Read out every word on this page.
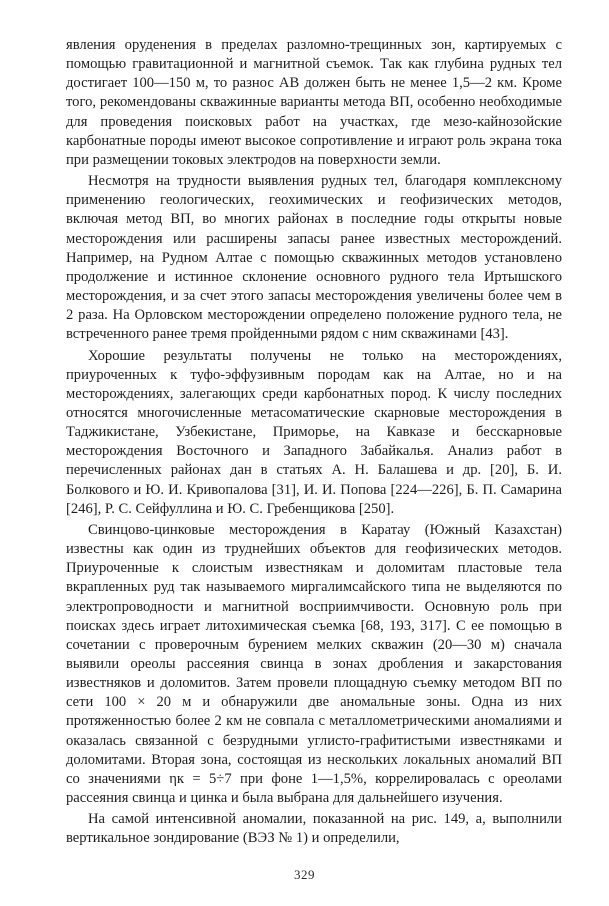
явления оруденения в пределах разломно-трещинных зон, картируемых с помощью гравитационной и магнитной съемок. Так как глубина рудных тел достигает 100—150 м, то разнос AB должен быть не менее 1,5—2 км. Кроме того, рекомендованы скважинные варианты метода ВП, особенно необходимые для проведения поисковых работ на участках, где мезо-кайнозойские карбонатные породы имеют высокое сопротивление и играют роль экрана тока при размещении токовых электродов на поверхности земли.

Несмотря на трудности выявления рудных тел, благодаря комплексному применению геологических, геохимических и геофизических методов, включая метод ВП, во многих районах в последние годы открыты новые месторождения или расширены запасы ранее известных месторождений. Например, на Рудном Алтае с помощью скважинных методов установлено продолжение и истинное склонение основного рудного тела Иртышского месторождения, и за счет этого запасы месторождения увеличены более чем в 2 раза. На Орловском месторождении определено положение рудного тела, не встреченного ранее тремя пройденными рядом с ним скважинами [43].

Хорошие результаты получены не только на месторождениях, приуроченных к туфо-эффузивным породам как на Алтае, но и на месторождениях, залегающих среди карбонатных пород. К числу последних относятся многочисленные метасоматические скарновые месторождения в Таджикистане, Узбекистане, Приморье, на Кавказе и бесскарновые месторождения Восточного и Западного Забайкалья. Анализ работ в перечисленных районах дан в статьях А. Н. Балашева и др. [20], Б. И. Болкового и Ю. И. Кривопалова [31], И. И. Попова [224—226], Б. П. Самарина [246], Р. С. Сейфуллина и Ю. С. Гребенщикова [250].

Свинцово-цинковые месторождения в Каратау (Южный Казахстан) известны как один из труднейших объектов для геофизических методов. Приуроченные к слоистым известнякам и доломитам пластовые тела вкрапленных руд так называемого миргалимсайского типа не выделяются по электропроводности и магнитной восприимчивости. Основную роль при поисках здесь играет литохимическая съемка [68, 193, 317]. С ее помощью в сочетании с проверочным бурением мелких скважин (20—30 м) сначала выявили ореолы рассеяния свинца в зонах дробления и закарстования известняков и доломитов. Затем провели площадную съемку методом ВП по сети 100 × 20 м и обнаружили две аномальные зоны. Одна из них протяженностью более 2 км не совпала с металлометрическими аномалиями и оказалась связанной с безрудными углисто-графитистыми известняками и доломитами. Вторая зона, состоящая из нескольких локальных аномалий ВП со значениями ηк = 5÷7 при фоне 1—1,5%, коррелировалась с ореолами рассеяния свинца и цинка и была выбрана для дальнейшего изучения.

На самой интенсивной аномалии, показанной на рис. 149, а, выполнили вертикальное зондирование (ВЭЗ № 1) и определили,

329
